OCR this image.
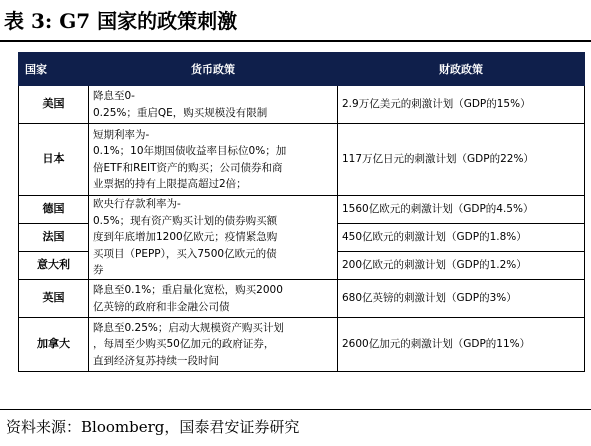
表 3: G7 国家的政策刺激
国家	货币政策	财政政策
美国	降息至0-
0.25%；重启QE，购买规模没有限制	2.9万亿美元的刺激计划（GDP的15%）
日本	短期利率为-
0.1%；10年期国债收益率目标位0%；加
倍ETF和REIT资产的购买；公司债券和商
业票据的持有上限提高超过2倍；	117万亿日元的刺激计划（GDP的22%）
德国	欧央行存款利率为-
0.5%；现有资产购买计划的债券购买额
度到年底增加1200亿欧元；疫情紧急购
买项目（PEPP），买入7500亿欧元的债
券	1560亿欧元的刺激计划（GDP的4.5%）
法国		450亿欧元的刺激计划（GDP的1.8%）
意大利		200亿欧元的刺激计划（GDP的1.2%）
英国	降息至0.1%；重启量化宽松，购买2000
亿英镑的政府和非金融公司债	680亿英镑的刺激计划（GDP的3%）
加拿大	降息至0.25%；启动大规模资产购买计划
，每周至少购买50亿加元的政府证券，
直到经济复苏持续一段时间	2600亿加元的刺激计划（GDP的11%）
资料来源：Bloomberg，国泰君安证券研究
